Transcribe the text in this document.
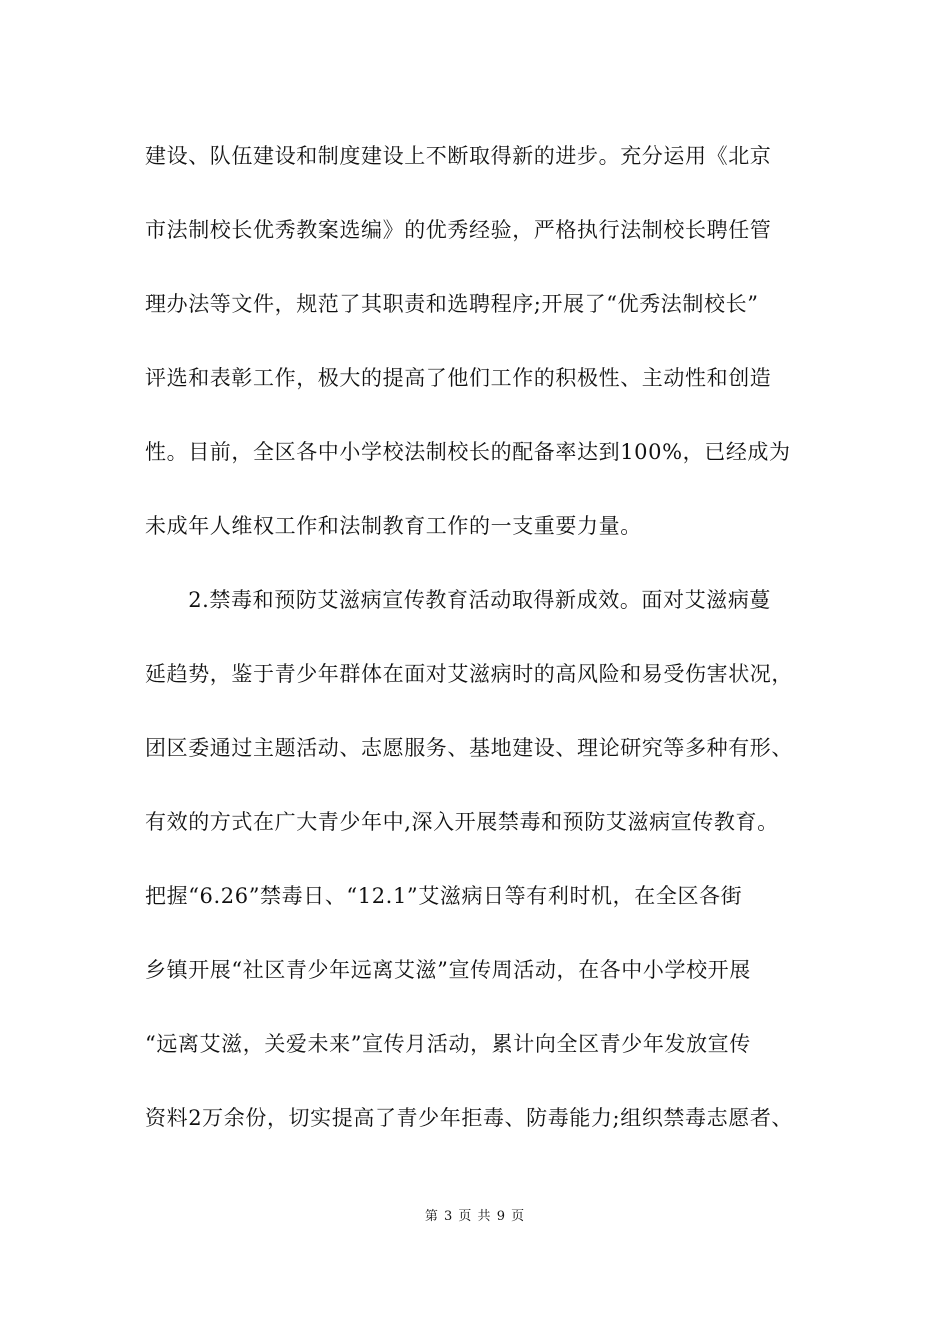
建设、队伍建设和制度建设上不断取得新的进步。充分运用《北京
市法制校长优秀教案选编》的优秀经验，严格执行法制校长聘任管
理办法等文件，规范了其职责和选聘程序;开展了“优秀法制校长”
评选和表彰工作，极大的提高了他们工作的积极性、主动性和创造
性。目前，全区各中小学校法制校长的配备率达到100%，已经成为
未成年人维权工作和法制教育工作的一支重要力量。
　　2.禁毒和预防艾滋病宣传教育活动取得新成效。面对艾滋病蔓
延趋势，鉴于青少年群体在面对艾滋病时的高风险和易受伤害状况，
团区委通过主题活动、志愿服务、基地建设、理论研究等多种有形、
有效的方式在广大青少年中,深入开展禁毒和预防艾滋病宣传教育。
把握“6.26”禁毒日、“12.1”艾滋病日等有利时机，在全区各街
乡镇开展“社区青少年远离艾滋”宣传周活动，在各中小学校开展
“远离艾滋，关爱未来”宣传月活动，累计向全区青少年发放宣传
资料2万余份，切实提高了青少年拒毒、防毒能力;组织禁毒志愿者、
第 3 页 共 9 页
